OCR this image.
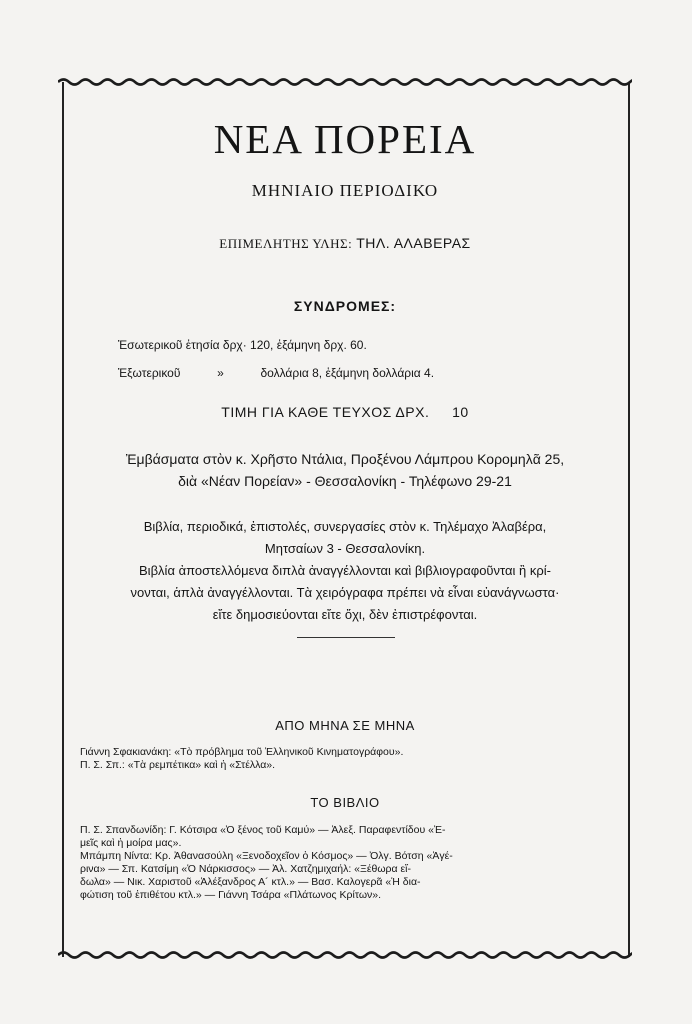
ΝΕΑ ΠΟΡΕΙΑ
ΜΗΝΙΑΙΟ ΠΕΡΙΟΔΙΚΟ
ΕΠΙΜΕΛΗΤΗΣ ΥΛΗΣ: ΤΗΛ. ΑΛΑΒΕΡΑΣ
ΣΥΝΔΡΟΜΕΣ:
Ἐσωτερικοῦ ἐτησία δρχ· 120, ἑξάμηνη δρχ. 60.
Ἐξωτερικοῦ	»	δολλάρια 8, ἑξάμηνη δολλάρια 4.
ΤΙΜΗ ΓΙΑ ΚΑΘΕ ΤΕΥΧΟΣ ΔΡΧ. 10
Ἐμβάσματα στὸν κ. Χρῆστο Ντάλια, Προξένου Λάμπρου Κορομηλᾶ 25,
διὰ «Νέαν Πορείαν» - Θεσσαλονίκη - Τηλέφωνο 29-21
Βιβλία, περιοδικά, ἐπιστολές, συνεργασίες στὸν κ. Τηλέμαχο Ἀλαβέρα,
Μητσαίων 3 - Θεσσαλονίκη.
Βιβλία ἀποστελλόμενα διπλὰ ἀναγγέλλονται καὶ βιβλιογραφοῦνται ἢ κρί-
νονται, ἁπλὰ ἀναγγέλλονται. Τὰ χειρόγραφα πρέπει νὰ εἶναι εὐανάγνωστα·
εἴτε δημοσιεύονται εἴτε ὄχι, δὲν ἐπιστρέφονται.
ΑΠΟ ΜΗΝΑ ΣΕ ΜΗΝΑ
Γιάννη Σφακιανάκη: «Τὸ πρόβλημα τοῦ Ἑλληνικοῦ Κινηματογράφου».
Π. Σ. Σπ.: «Τὰ ρεμπέτικα» καὶ ἡ «Στέλλα».
ΤΟ ΒΙΒΛΙΟ
Π. Σ. Σπανδωνίδη: Γ. Κότσιρα «Ὁ ξένος τοῦ Καμύ» — Ἀλεξ. Παραφεντίδου «Ἐ-
μεῖς καὶ ἡ μοίρα μας».
Μπάμπη Νίντα: Κρ. Ἀθανασούλη «Ξενοδοχεῖον ὁ Κόσμος» — Ὀλγ. Βότση «Ἀγέ-
ρινα» — Σπ. Κατσίμη «Ὁ Νάρκισσος» — Ἀλ. Χατζημιχαήλ: «Ξέθωρα εἴ-
δωλα» — Νικ. Χαριστοῦ «Ἀλέξανδρος Α´ κτλ.» — Βασ. Καλογερᾶ «Ἡ δια-
φώτιση τοῦ ἐπιθέτου κτλ.» — Γιάννη Τσάρα «Πλάτωνος Κρίτων».
